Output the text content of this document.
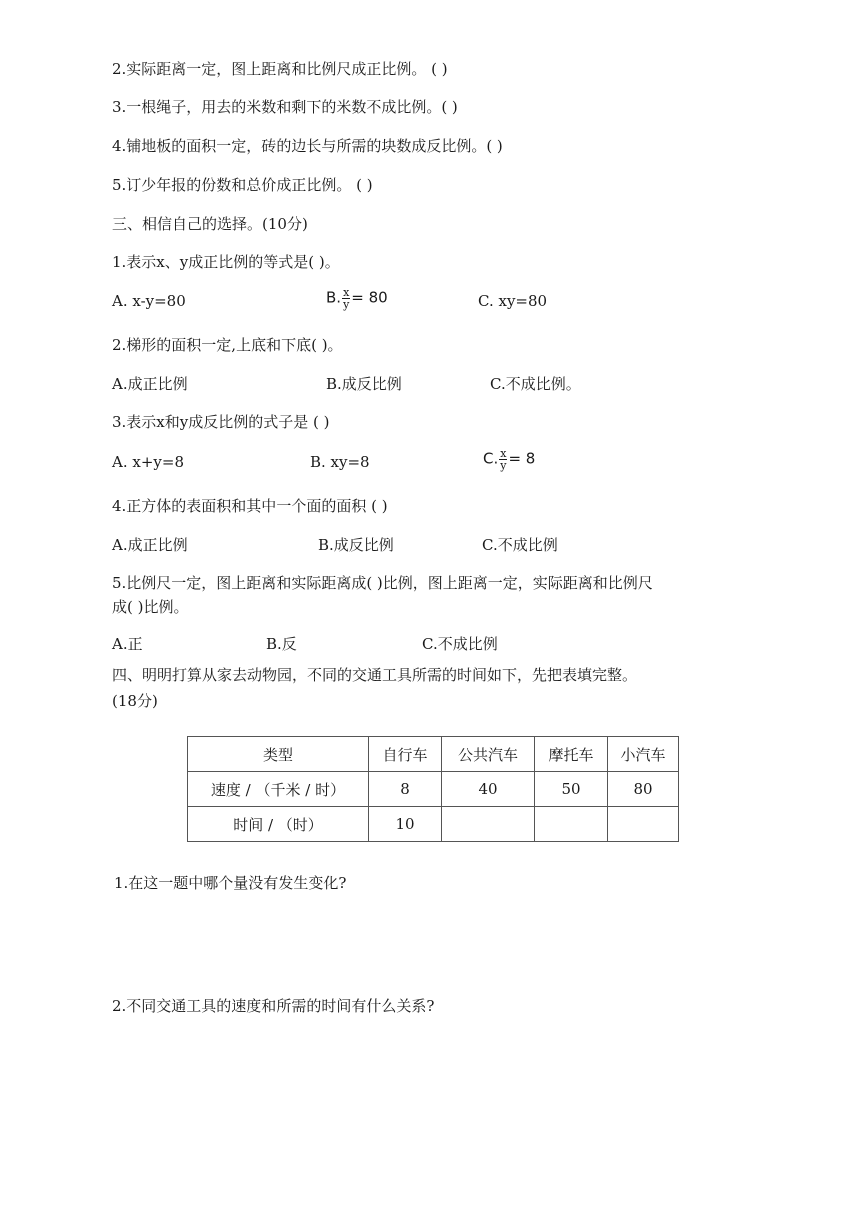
2.实际距离一定，图上距离和比例尺成正比例。 ( )
3.一根绳子，用去的米数和剩下的米数不成比例。( )
4.铺地板的面积一定，砖的边长与所需的块数成反比例。( )
5.订少年报的份数和总价成正比例。 ( )
三、相信自己的选择。(10分)
1.表示x、y成正比例的等式是( )。
A. x-y=80	B. $\frac{x}{y} = 80$	C. xy=80
2.梯形的面积一定,上底和下底( )。
A.成正比例	B.成反比例	C.不成比例。
3.表示x和y成反比例的式子是 ( )
A. x+y=8	B. xy=8	C. $\frac{x}{y} = 8$
4.正方体的表面积和其中一个面的面积 ( )
A.成正比例	B.成反比例	C.不成比例
5.比例尺一定，图上距离和实际距离成( )比例，图上距离一定，实际距离和比例尺
成( )比例。
A.正	B.反	C.不成比例
四、明明打算从家去动物园，不同的交通工具所需的时间如下，先把表填完整。
(18分)
类型	自行车	公共汽车	摩托车	小汽车
速度 / （千米 / 时）	8	40	50	80
时间 / （时）	10			
1.在这一题中哪个量没有发生变化?
2.不同交通工具的速度和所需的时间有什么关系?
